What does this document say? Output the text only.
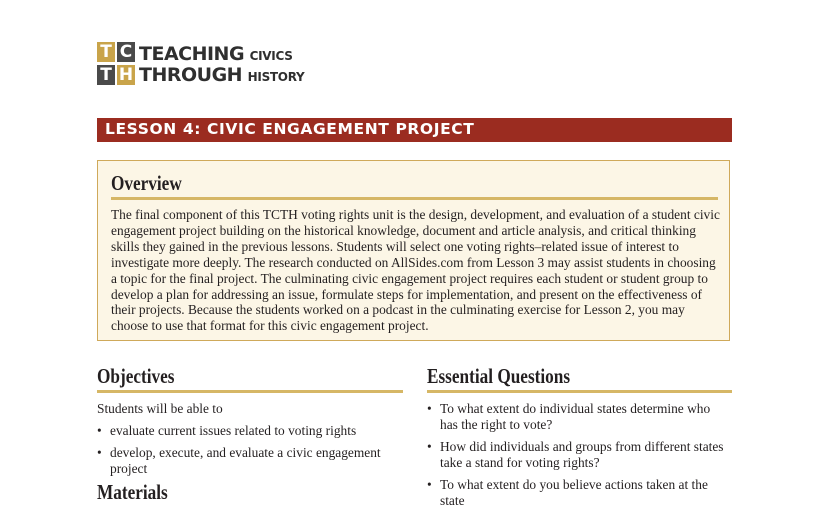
T C
T H
TEACHING CIVICS
THROUGH HISTORY
LESSON 4: CIVIC ENGAGEMENT PROJECT
Overview
The final component of this TCTH voting rights unit is the design, development, and evaluation of a student civic engagement project building on the historical knowledge, document and article analysis, and critical thinking skills they gained in the previous lessons. Students will select one voting rights–related issue of interest to investigate more deeply. The research conducted on AllSides.com from Lesson 3 may assist students in choosing a topic for the final project. The culminating civic engagement project requires each student or student group to develop a plan for addressing an issue, formulate steps for implementation, and present on the effectiveness of their projects. Because the students worked on a podcast in the culminating exercise for Lesson 2, you may choose to use that format for this civic engagement project.
Objectives
Students will be able to
• evaluate current issues related to voting rights
• develop, execute, and evaluate a civic engagement project
Materials
Essential Questions
• To what extent do individual states determine who has the right to vote?
• How did individuals and groups from different states take a stand for voting rights?
• To what extent do you believe actions taken at the state
